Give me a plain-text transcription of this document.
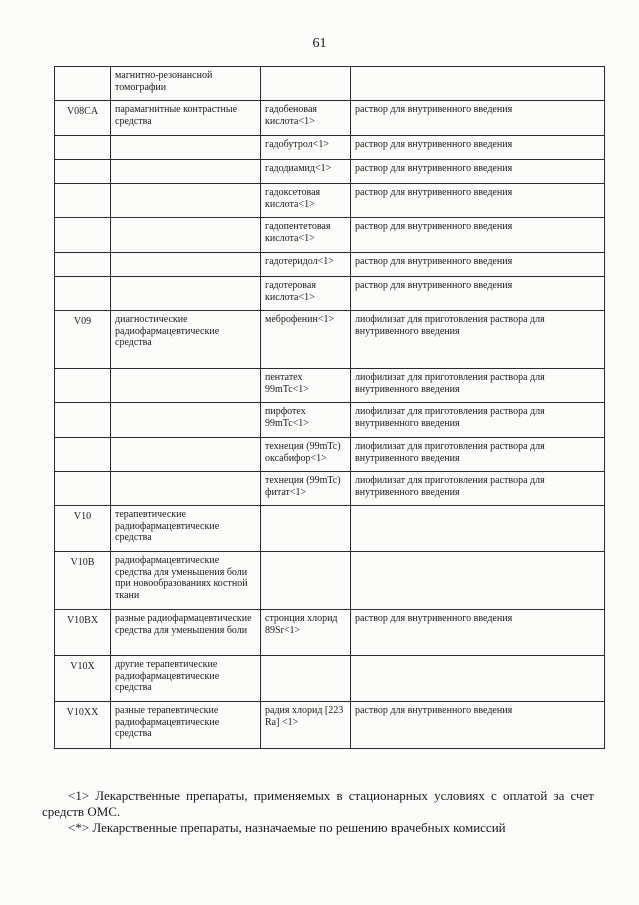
61
	магнитно-резонансной томографии		
V08CA	парамагнитные контрастные средства	гадобеновая кислота<1>	раствор для внутривенного введения
		гадобутрол<1>	раствор для внутривенного введения
		гадодиамид<1>	раствор для внутривенного введения
		гадоксетовая кислота<1>	раствор для внутривенного введения
		гадопентетовая кислота<1>	раствор для внутривенного введения
		гадотеридол<1>	раствор для внутривенного введения
		гадотеровая кислота<1>	раствор для внутривенного введения
V09	диагностические радиофармацевтические средства	меброфенин<1>	лиофилизат для приготовления раствора для внутривенного введения
		пентатех 99mTc<1>	лиофилизат для приготовления раствора для внутривенного введения
		пирфотех 99mTc<1>	лиофилизат для приготовления раствора для внутривенного введения
		технеция (99mTc) оксабифор<1>	лиофилизат для приготовления раствора для внутривенного введения
		технеция (99mTc) фитат<1>	лиофилизат для приготовления раствора для внутривенного введения
V10	терапевтические радиофармацевтические средства		
V10B	радиофармацевтические средства для уменьшения боли при новообразованиях костной ткани		
V10BX	разные радиофармацевтические средства для уменьшения боли	стронция хлорид 89Sr<1>	раствор для внутривенного введения
V10X	другие терапевтические радиофармацевтические средства		
V10XX	разные терапевтические радиофармацевтические средства	радия хлорид [223 Ra] <1>	раствор для внутривенного введения

<1> Лекарственные препараты, применяемых в стационарных условиях с оплатой за счет средств ОМС.

<*> Лекарственные препараты, назначаемые по решению врачебных комиссий
